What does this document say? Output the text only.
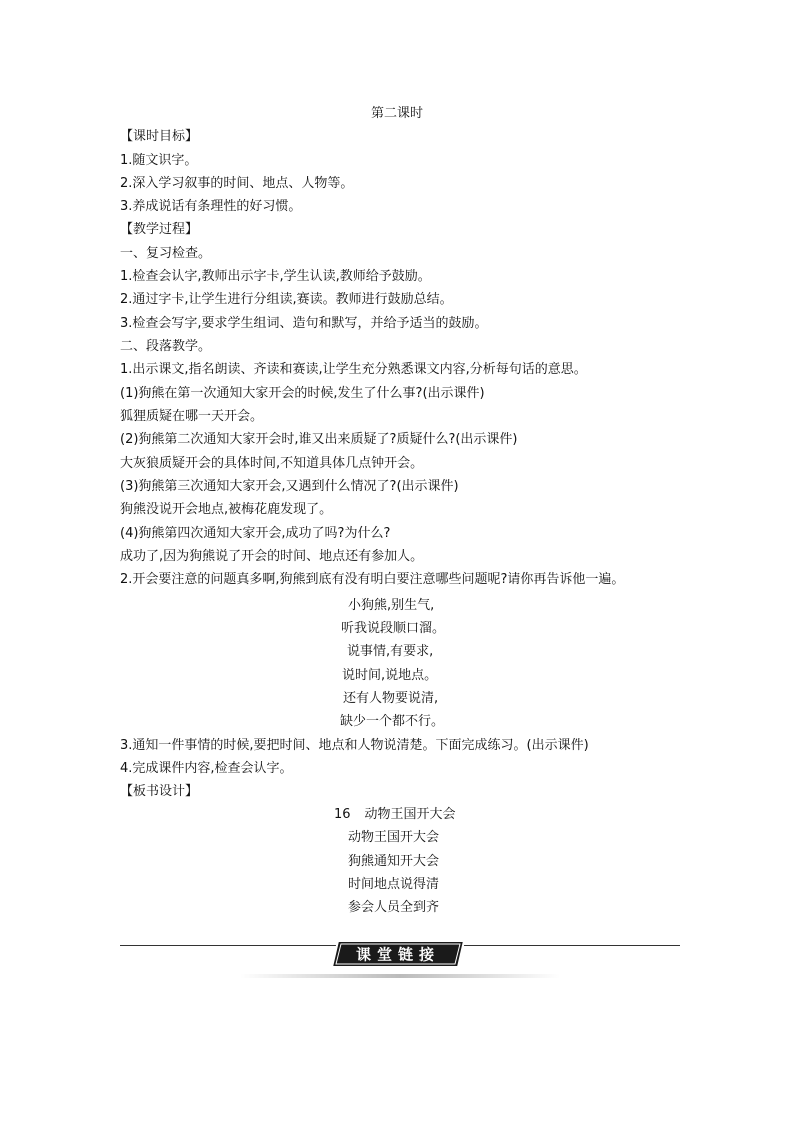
第二课时
【课时目标】
1.随文识字。
2.深入学习叙事的时间、地点、人物等。
3.养成说话有条理性的好习惯。
【教学过程】
一、复习检查。
1.检查会认字,教师出示字卡,学生认读,教师给予鼓励。
2.通过字卡,让学生进行分组读,赛读。教师进行鼓励总结。
3.检查会写字,要求学生组词、造句和默写，并给予适当的鼓励。
二、段落教学。
1.出示课文,指名朗读、齐读和赛读,让学生充分熟悉课文内容,分析每句话的意思。
(1)狗熊在第一次通知大家开会的时候,发生了什么事?(出示课件)
狐狸质疑在哪一天开会。
(2)狗熊第二次通知大家开会时,谁又出来质疑了?质疑什么?(出示课件)
大灰狼质疑开会的具体时间,不知道具体几点钟开会。
(3)狗熊第三次通知大家开会,又遇到什么情况了?(出示课件)
狗熊没说开会地点,被梅花鹿发现了。
(4)狗熊第四次通知大家开会,成功了吗?为什么?
成功了,因为狗熊说了开会的时间、地点还有参加人。
2.开会要注意的问题真多啊,狗熊到底有没有明白要注意哪些问题呢?请你再告诉他一遍。
小狗熊,别生气,
听我说段顺口溜。
说事情,有要求,
说时间,说地点。
还有人物要说清,
缺少一个都不行。
3.通知一件事情的时候,要把时间、地点和人物说清楚。下面完成练习。(出示课件)
4.完成课件内容,检查会认字。
【板书设计】
16 动物王国开大会
动物王国开大会
狗熊通知开大会
时间地点说得清
参会人员全到齐
课堂链接
